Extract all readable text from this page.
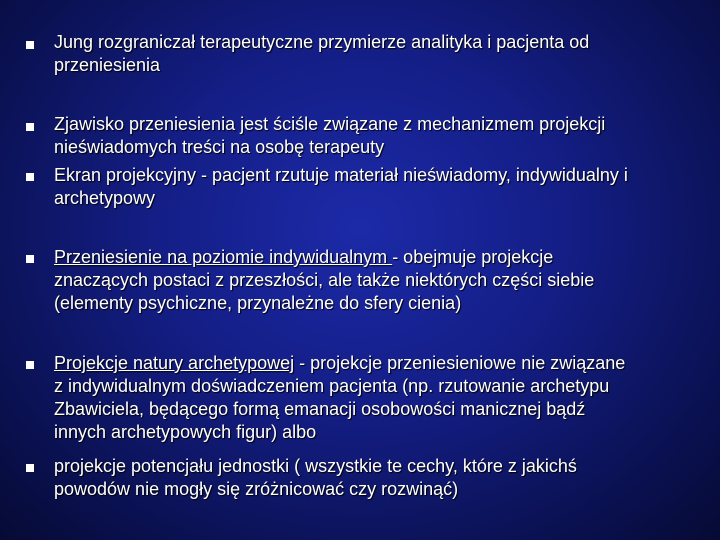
Jung rozgraniczał terapeutyczne przymierze analityka i pacjenta od
przeniesienia
Zjawisko przeniesienia jest ściśle związane z mechanizmem projekcji
nieświadomych treści na osobę terapeuty
Ekran projekcyjny - pacjent rzutuje materiał nieświadomy, indywidualny i
archetypowy
Przeniesienie na poziomie indywidualnym - obejmuje projekcje
znaczących postaci z przeszłości, ale także niektórych części siebie
(elementy psychiczne, przynależne do sfery cienia)
Projekcje natury archetypowej - projekcje przeniesieniowe nie związane
z indywidualnym doświadczeniem pacjenta (np. rzutowanie archetypu
Zbawiciela, będącego formą emanacji osobowości manicznej bądź
innych archetypowych figur) albo
projekcje potencjału jednostki ( wszystkie te cechy, które z jakichś
powodów nie mogły się zróżnicować czy rozwinąć)
